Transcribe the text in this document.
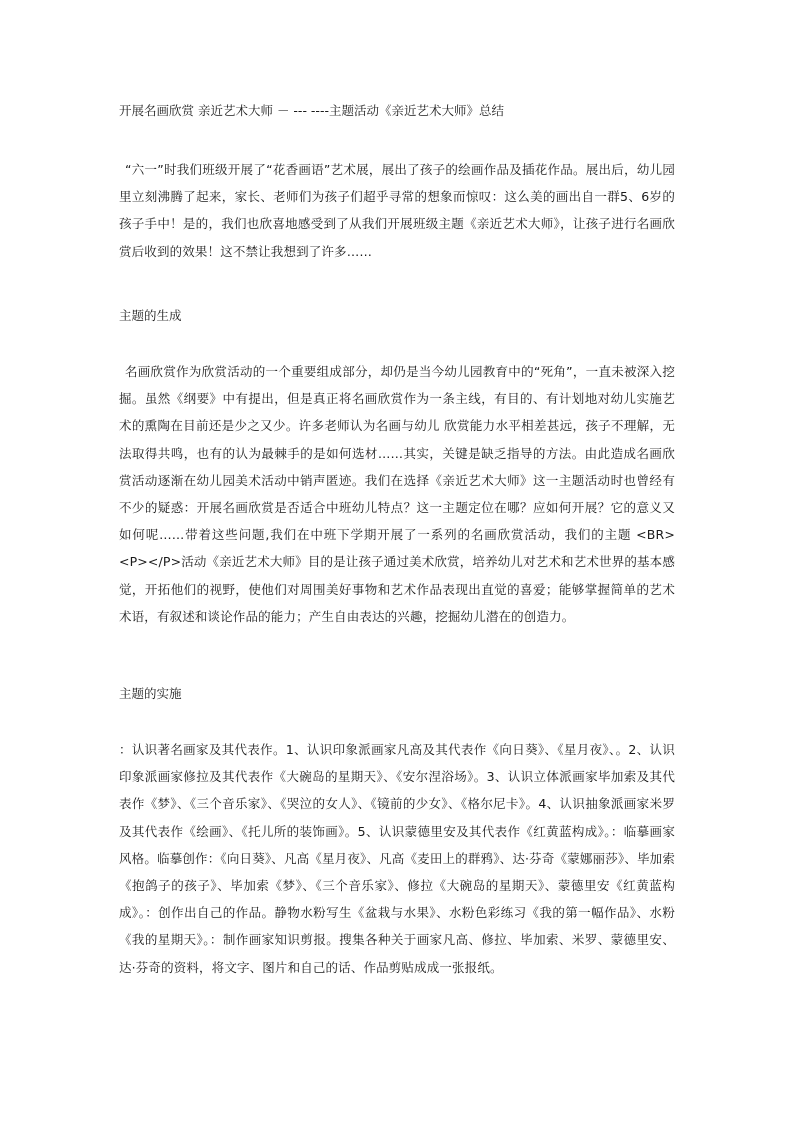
开展名画欣赏 亲近艺术大师 － --- ----主题活动《亲近艺术大师》总结
“六一”时我们班级开展了“花香画语”艺术展，展出了孩子的绘画作品及插花作品。展出后，幼儿园里立刻沸腾了起来，家长、老师们为孩子们超乎寻常的想象而惊叹：这么美的画出自一群5、6岁的孩子手中！是的，我们也欣喜地感受到了从我们开展班级主题《亲近艺术大师》，让孩子进行名画欣赏后收到的效果！这不禁让我想到了许多……
主题的生成
名画欣赏作为欣赏活动的一个重要组成部分，却仍是当今幼儿园教育中的“死角”，一直未被深入挖掘。虽然《纲要》中有提出，但是真正将名画欣赏作为一条主线，有目的、有计划地对幼儿实施艺术的熏陶在目前还是少之又少。许多老师认为名画与幼儿 欣赏能力水平相差甚远，孩子不理解，无法取得共鸣，也有的认为最棘手的是如何选材……其实，关键是缺乏指导的方法。由此造成名画欣赏活动逐渐在幼儿园美术活动中销声匿迹。我们在选择《亲近艺术大师》这一主题活动时也曾经有不少的疑惑：开展名画欣赏是否适合中班幼儿特点？这一主题定位在哪？应如何开展？它的意义又如何呢……带着这些问题,我们在中班下学期开展了一系列的名画欣赏活动，我们的主题 <BR><P></P>活动《亲近艺术大师》目的是让孩子通过美术欣赏，培养幼儿对艺术和艺术世界的基本感觉，开拓他们的视野，使他们对周围美好事物和艺术作品表现出直觉的喜爱；能够掌握简单的艺术术语，有叙述和谈论作品的能力；产生自由表达的兴趣，挖掘幼儿潜在的创造力。
主题的实施
：认识著名画家及其代表作。1、认识印象派画家凡高及其代表作《向日葵》、《星月夜》、。2、认识印象派画家修拉及其代表作《大碗岛的星期天》、《安尔涅浴场》。3、认识立体派画家毕加索及其代表作《梦》、《三个音乐家》、《哭泣的女人》、《镜前的少女》、《格尔尼卡》。4、认识抽象派画家米罗及其代表作《绘画》、《托儿所的装饰画》。5、认识蒙德里安及其代表作《红黄蓝构成》。：临摹画家风格。临摹创作：《向日葵》、凡高《星月夜》、凡高《麦田上的群鸦》、达·芬奇《蒙娜丽莎》、毕加索《抱鸽子的孩子》、毕加索《梦》、《三个音乐家》、修拉《大碗岛的星期天》、蒙德里安《红黄蓝构成》。：创作出自己的作品。静物水粉写生《盆栽与水果》、水粉色彩练习《我的第一幅作品》、水粉《我的星期天》。：制作画家知识剪报。搜集各种关于画家凡高、修拉、毕加索、米罗、蒙德里安、达·芬奇的资料，将文字、图片和自己的话、作品剪贴成成一张报纸。
